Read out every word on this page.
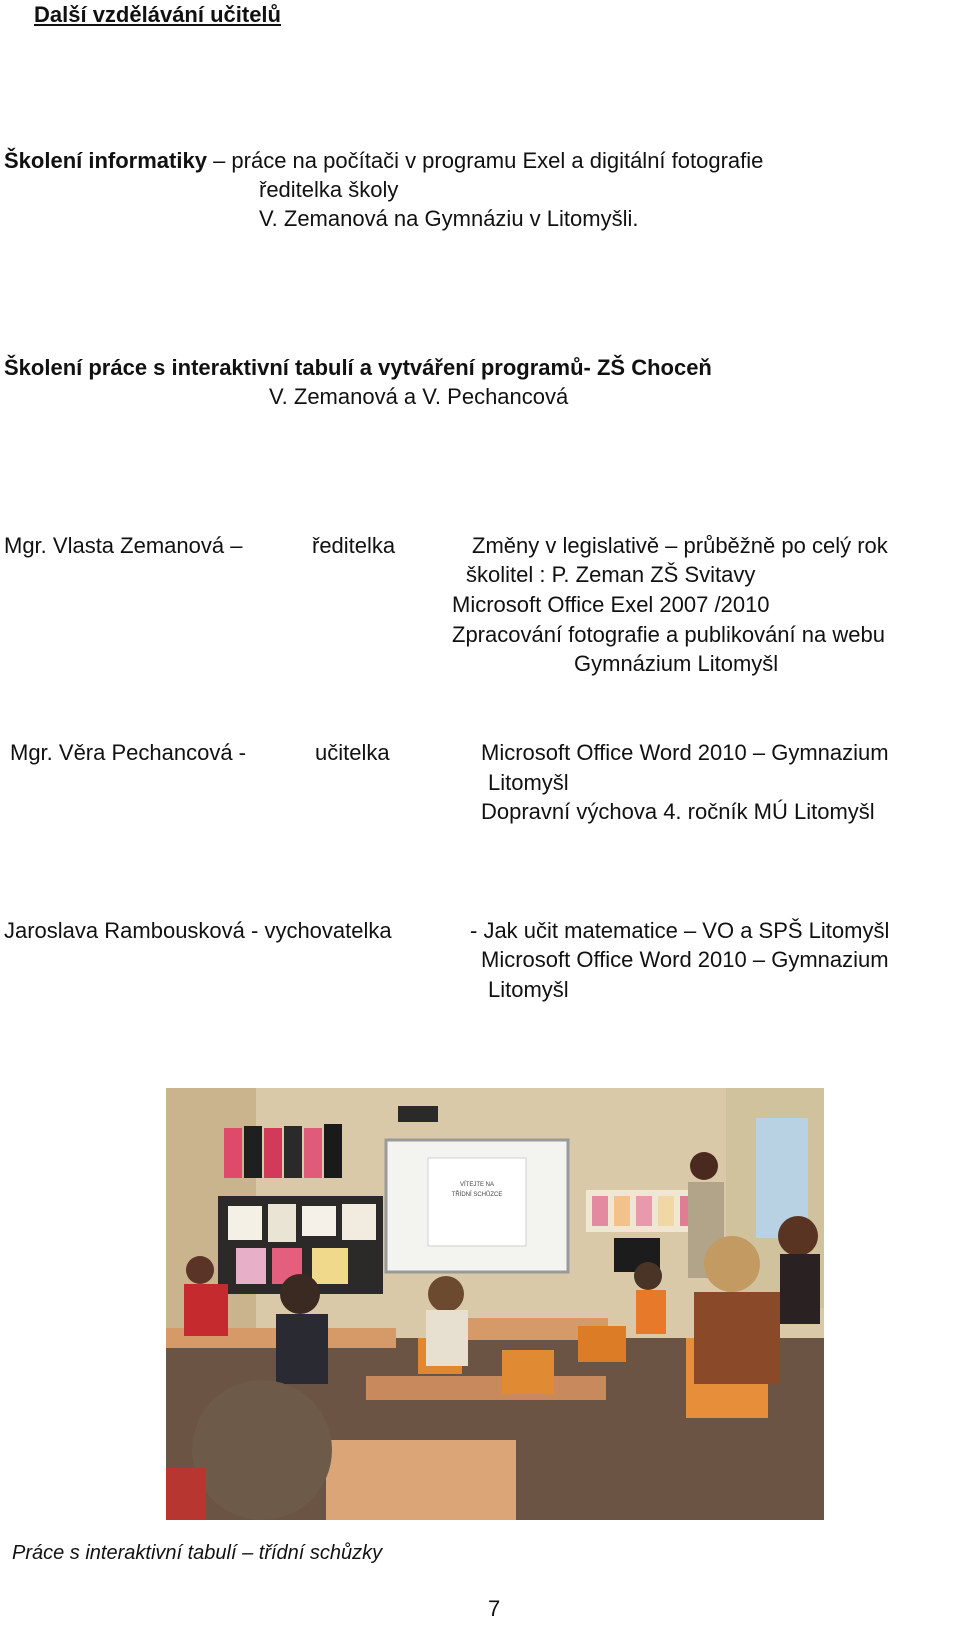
Další vzdělávání učitelů
Školení informatiky – práce na počítači v programu Exel a digitální fotografie
ředitelka školy
V. Zemanová na Gymnáziu v Litomyšli.
Školení práce s interaktivní tabulí a vytváření programů- ZŠ Choceň
V. Zemanová a V. Pechancová
Mgr. Vlasta Zemanová –	ředitelka	Změny v legislativě – průběžně po celý rok
školitel : P. Zeman ZŠ Svitavy
Microsoft Office Exel 2007 /2010
Zpracování fotografie a publikování na webu
Gymnázium Litomyšl
Mgr. Věra Pechancová -	učitelka	Microsoft Office Word 2010 – Gymnazium
Litomyšl
Dopravní výchova 4. ročník MÚ Litomyšl
Jaroslava Rambousková - vychovatelka	- Jak učit matematice – VO a SPŠ Litomyšl
Microsoft Office Word 2010 – Gymnazium
Litomyšl
VÍTEJTE NA
TŘÍDNÍ SCHŮZCE
Práce s interaktivní tabulí – třídní schůzky
7
